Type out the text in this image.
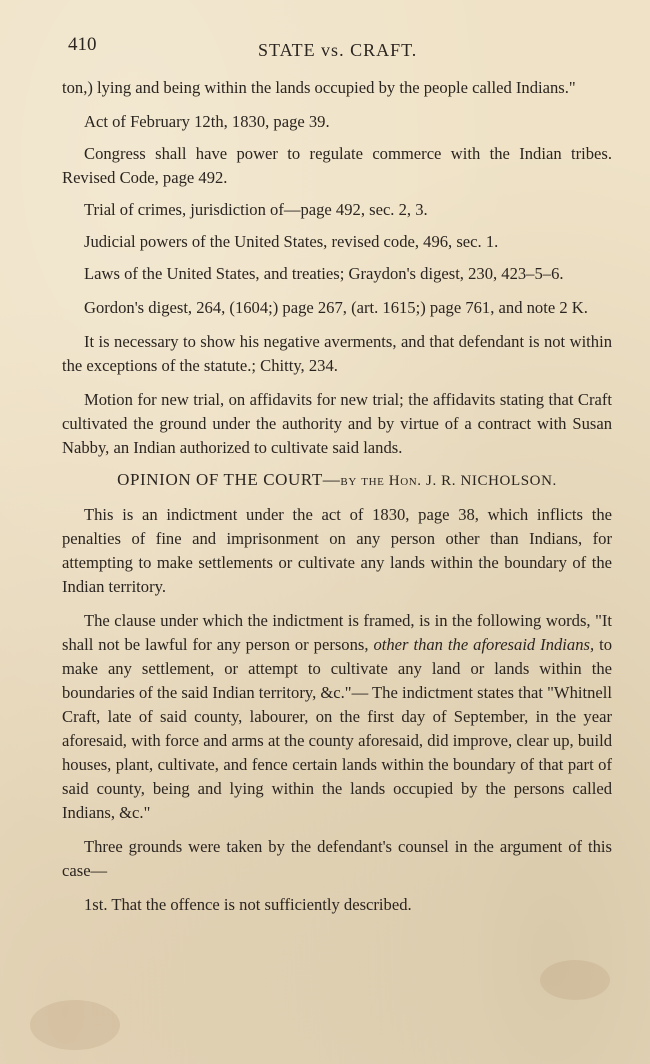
410	STATE vs. CRAFT.

ton,) lying and being within the lands occupied by the people called Indians."

Act of February 12th, 1830, page 39.

Congress shall have power to regulate commerce with the Indian tribes. Revised Code, page 492.

Trial of crimes, jurisdiction of—page 492, sec. 2, 3.

Judicial powers of the United States, revised code, 496, sec. 1.

Laws of the United States, and treaties; Graydon's digest, 230, 423–5–6.

Gordon's digest, 264, (1604;) page 267, (art. 1615;) page 761, and note 2 K.

It is necessary to show his negative averments, and that defendant is not within the exceptions of the statute.; Chitty, 234.

Motion for new trial, on affidavits for new trial; the affidavits stating that Craft cultivated the ground under the authority and by virtue of a contract with Susan Nabby, an Indian authorized to cultivate said lands.

OPINION OF THE COURT—by the Hon. J. R. NICHOLSON.

This is an indictment under the act of 1830, page 38, which inflicts the penalties of fine and imprisonment on any person other than Indians, for attempting to make settlements or cultivate any lands within the boundary of the Indian territory.

The clause under which the indictment is framed, is in the following words, "It shall not be lawful for any person or persons, other than the aforesaid Indians, to make any settlement, or attempt to cultivate any land or lands within the boundaries of the said Indian territory, &c."— The indictment states that "Whitnell Craft, late of said county, labourer, on the first day of September, in the year aforesaid, with force and arms at the county aforesaid, did improve, clear up, build houses, plant, cultivate, and fence certain lands within the boundary of that part of said county, being and lying within the lands occupied by the persons called Indians, &c."

Three grounds were taken by the defendant's counsel in the argument of this case—

1st. That the offence is not sufficiently described.
